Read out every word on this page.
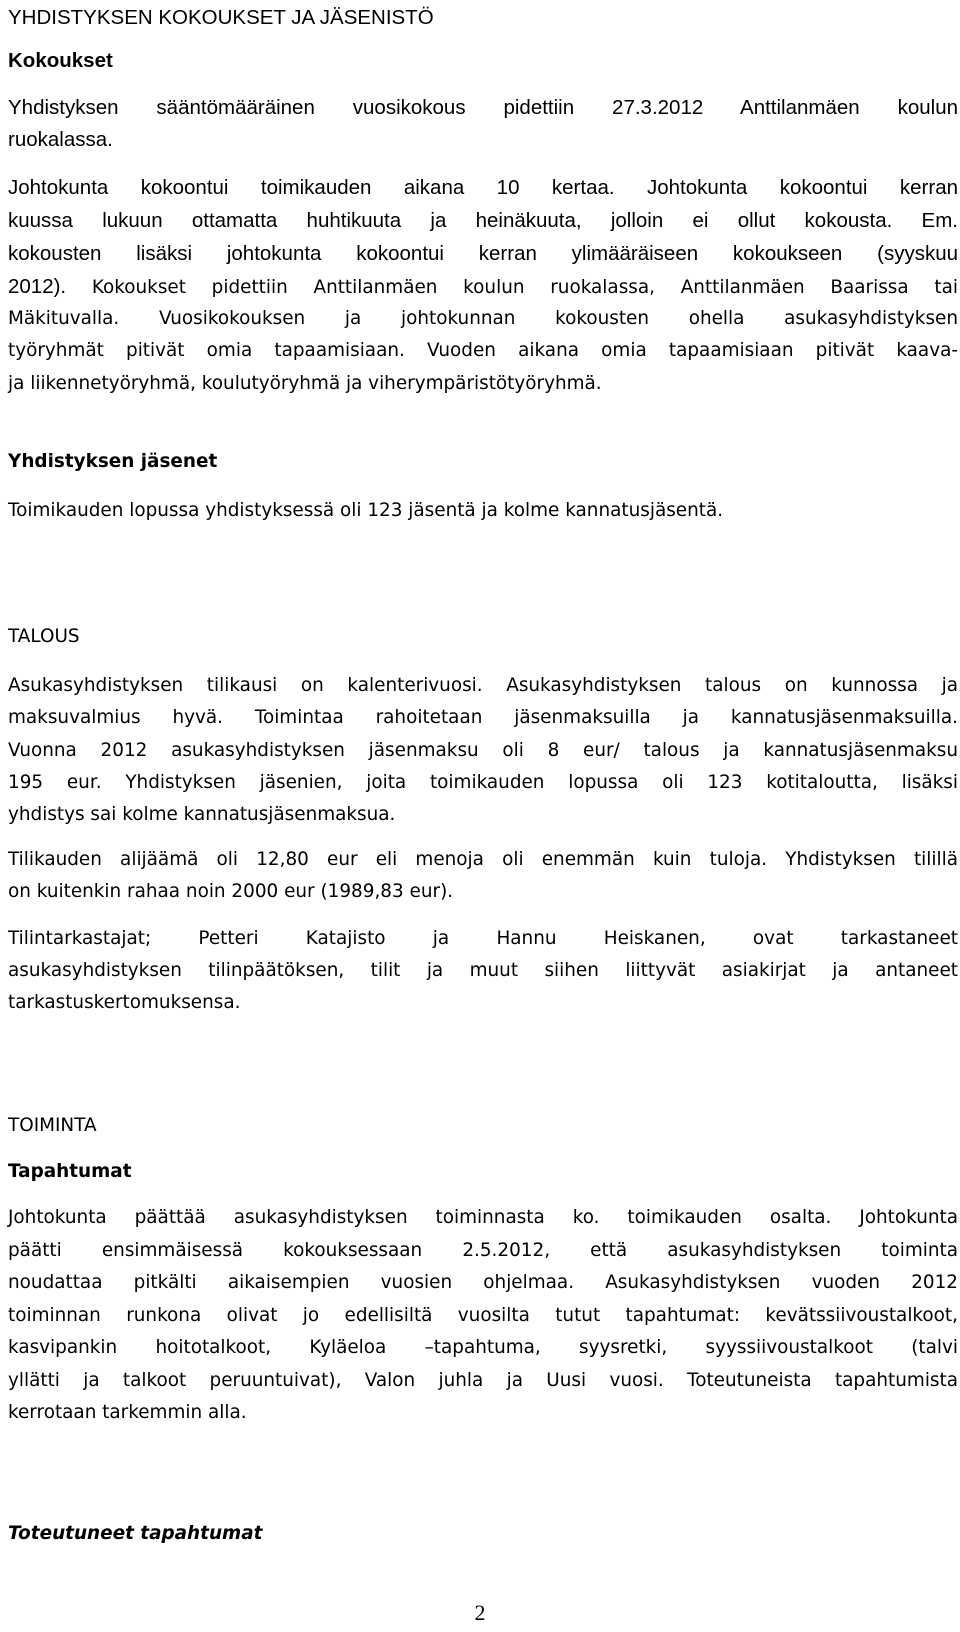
YHDISTYKSEN KOKOUKSET JA JÄSENISTÖ
Kokoukset
Yhdistyksen sääntömääräinen vuosikokous pidettiin 27.3.2012 Anttilanmäen koulun
ruokalassa.
Johtokunta kokoontui toimikauden aikana 10 kertaa. Johtokunta kokoontui kerran
kuussa lukuun ottamatta huhtikuuta ja heinäkuuta, jolloin ei ollut kokousta. Em.
kokousten lisäksi johtokunta kokoontui kerran ylimääräiseen kokoukseen (syyskuu
2012). Kokoukset pidettiin Anttilanmäen koulun ruokalassa, Anttilanmäen Baarissa tai
Mäkituvalla. Vuosikokouksen ja johtokunnan kokousten ohella asukasyhdistyksen
työryhmät pitivät omia tapaamisiaan. Vuoden aikana omia tapaamisiaan pitivät kaava-
ja liikennetyöryhmä, koulutyöryhmä ja viherympäristötyöryhmä.
Yhdistyksen jäsenet
Toimikauden lopussa yhdistyksessä oli 123 jäsentä ja kolme kannatusjäsentä.
TALOUS
Asukasyhdistyksen tilikausi on kalenterivuosi. Asukasyhdistyksen talous on kunnossa ja
maksuvalmius hyvä. Toimintaa rahoitetaan jäsenmaksuilla ja kannatusjäsenmaksuilla.
Vuonna 2012 asukasyhdistyksen jäsenmaksu oli 8 eur/ talous ja kannatusjäsenmaksu
195 eur. Yhdistyksen jäsenien, joita toimikauden lopussa oli 123 kotitaloutta, lisäksi
yhdistys sai kolme kannatusjäsenmaksua.
Tilikauden alijäämä oli 12,80 eur eli menoja oli enemmän kuin tuloja. Yhdistyksen tilillä
on kuitenkin rahaa noin 2000 eur (1989,83 eur).
Tilintarkastajat; Petteri Katajisto ja Hannu Heiskanen, ovat tarkastaneet
asukasyhdistyksen tilinpäätöksen, tilit ja muut siihen liittyvät asiakirjat ja antaneet
tarkastuskertomuksensa.
TOIMINTA
Tapahtumat
Johtokunta päättää asukasyhdistyksen toiminnasta ko. toimikauden osalta. Johtokunta
päätti ensimmäisessä kokouksessaan 2.5.2012, että asukasyhdistyksen toiminta
noudattaa pitkälti aikaisempien vuosien ohjelmaa. Asukasyhdistyksen vuoden 2012
toiminnan runkona olivat jo edellisiltä vuosilta tutut tapahtumat: kevätssiivoustalkoot,
kasvipankin hoitotalkoot, Kyläeloa –tapahtuma, syysretki, syyssiivoustalkoot (talvi
yllätti ja talkoot peruuntuivat), Valon juhla ja Uusi vuosi. Toteutuneista tapahtumista
kerrotaan tarkemmin alla.
Toteutuneet tapahtumat
2
